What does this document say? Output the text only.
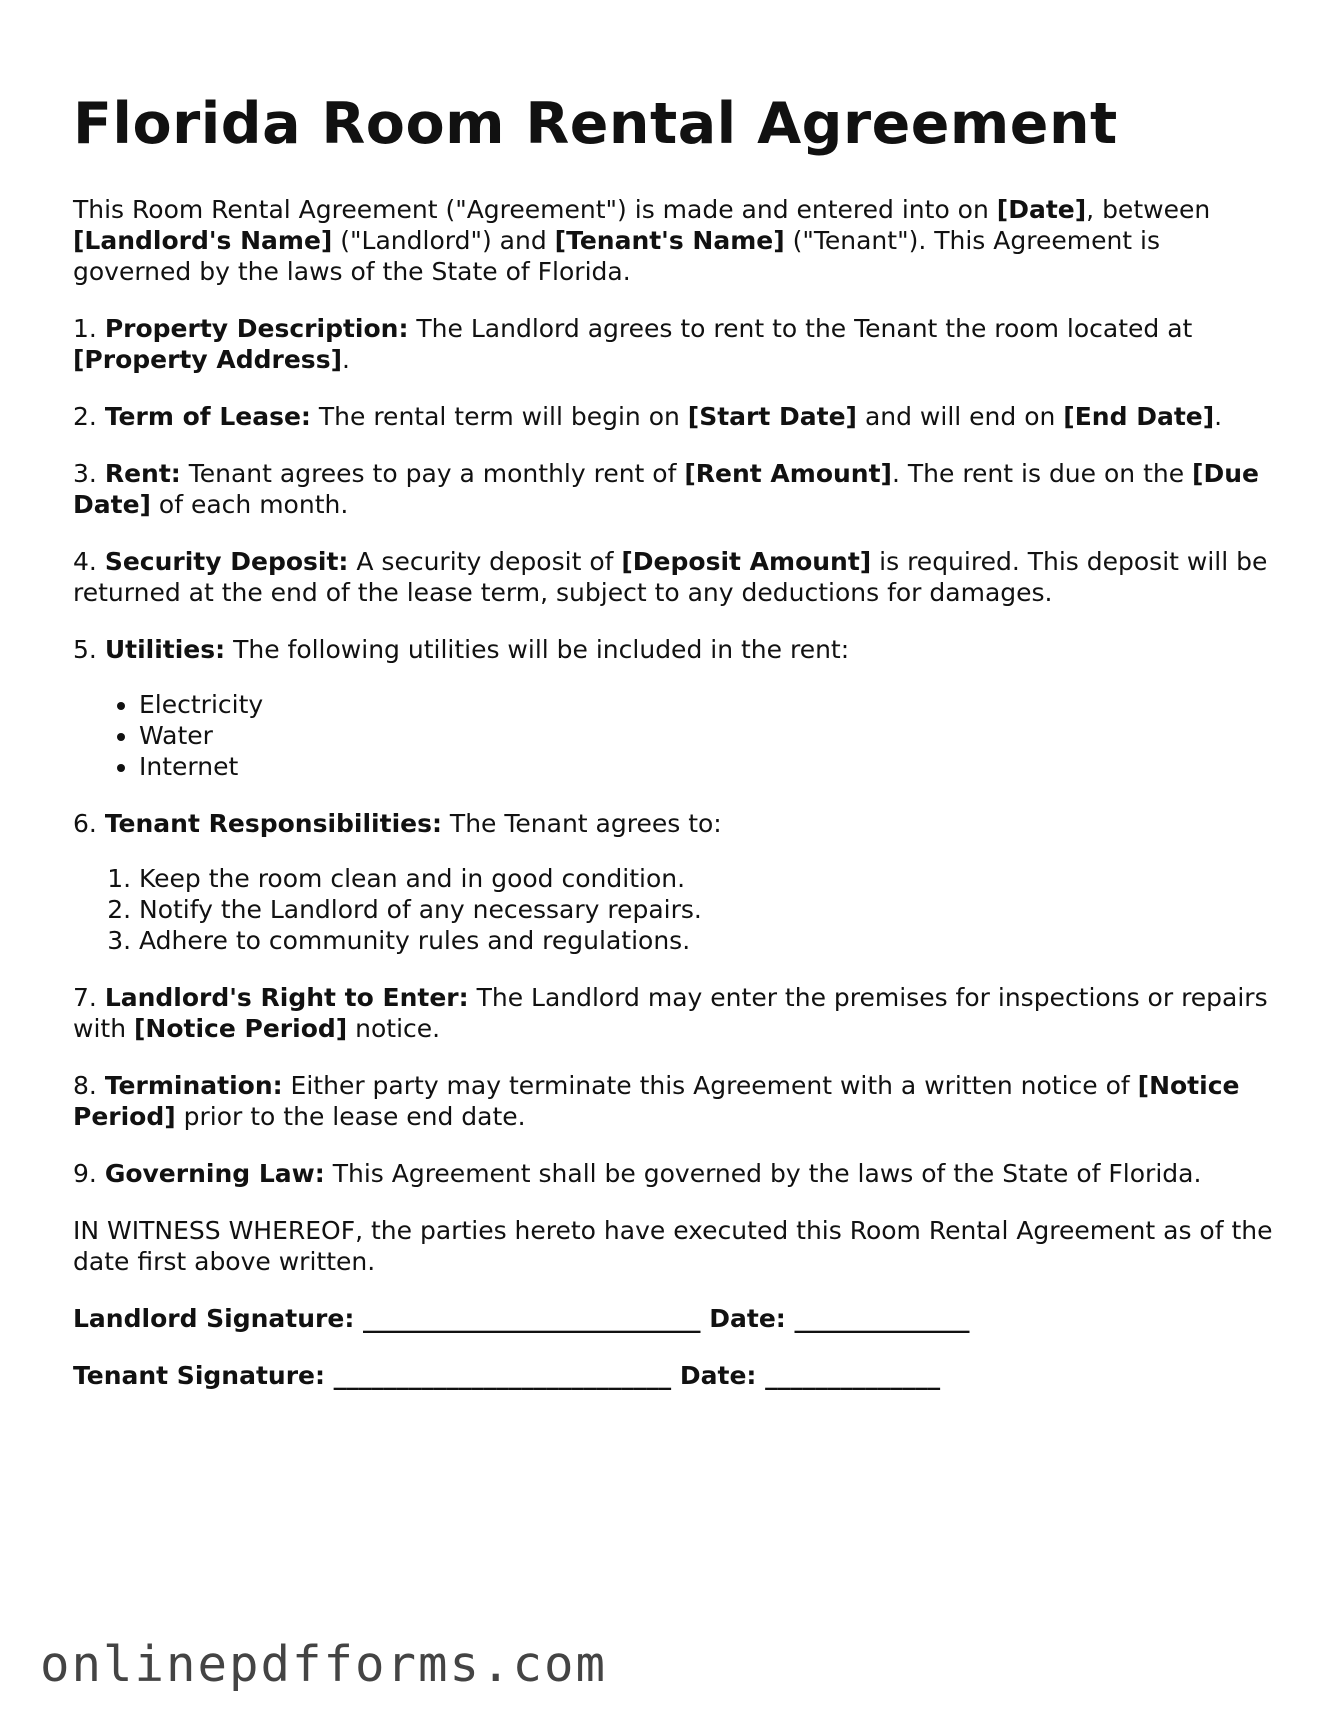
Florida Room Rental Agreement

This Room Rental Agreement ("Agreement") is made and entered into on [Date], between [Landlord's Name] ("Landlord") and [Tenant's Name] ("Tenant"). This Agreement is governed by the laws of the State of Florida.

1. Property Description: The Landlord agrees to rent to the Tenant the room located at [Property Address].

2. Term of Lease: The rental term will begin on [Start Date] and will end on [End Date].

3. Rent: Tenant agrees to pay a monthly rent of [Rent Amount]. The rent is due on the [Due Date] of each month.

4. Security Deposit: A security deposit of [Deposit Amount] is required. This deposit will be returned at the end of the lease term, subject to any deductions for damages.

5. Utilities: The following utilities will be included in the rent:

• Electricity
• Water
• Internet

6. Tenant Responsibilities: The Tenant agrees to:

1. Keep the room clean and in good condition.
2. Notify the Landlord of any necessary repairs.
3. Adhere to community rules and regulations.

7. Landlord's Right to Enter: The Landlord may enter the premises for inspections or repairs with [Notice Period] notice.

8. Termination: Either party may terminate this Agreement with a written notice of [Notice Period] prior to the lease end date.

9. Governing Law: This Agreement shall be governed by the laws of the State of Florida.

IN WITNESS WHEREOF, the parties hereto have executed this Room Rental Agreement as of the date first above written.

Landlord Signature: ___________________________ Date: ______________
Tenant Signature: ___________________________ Date: ______________
onlinepdfforms.com
